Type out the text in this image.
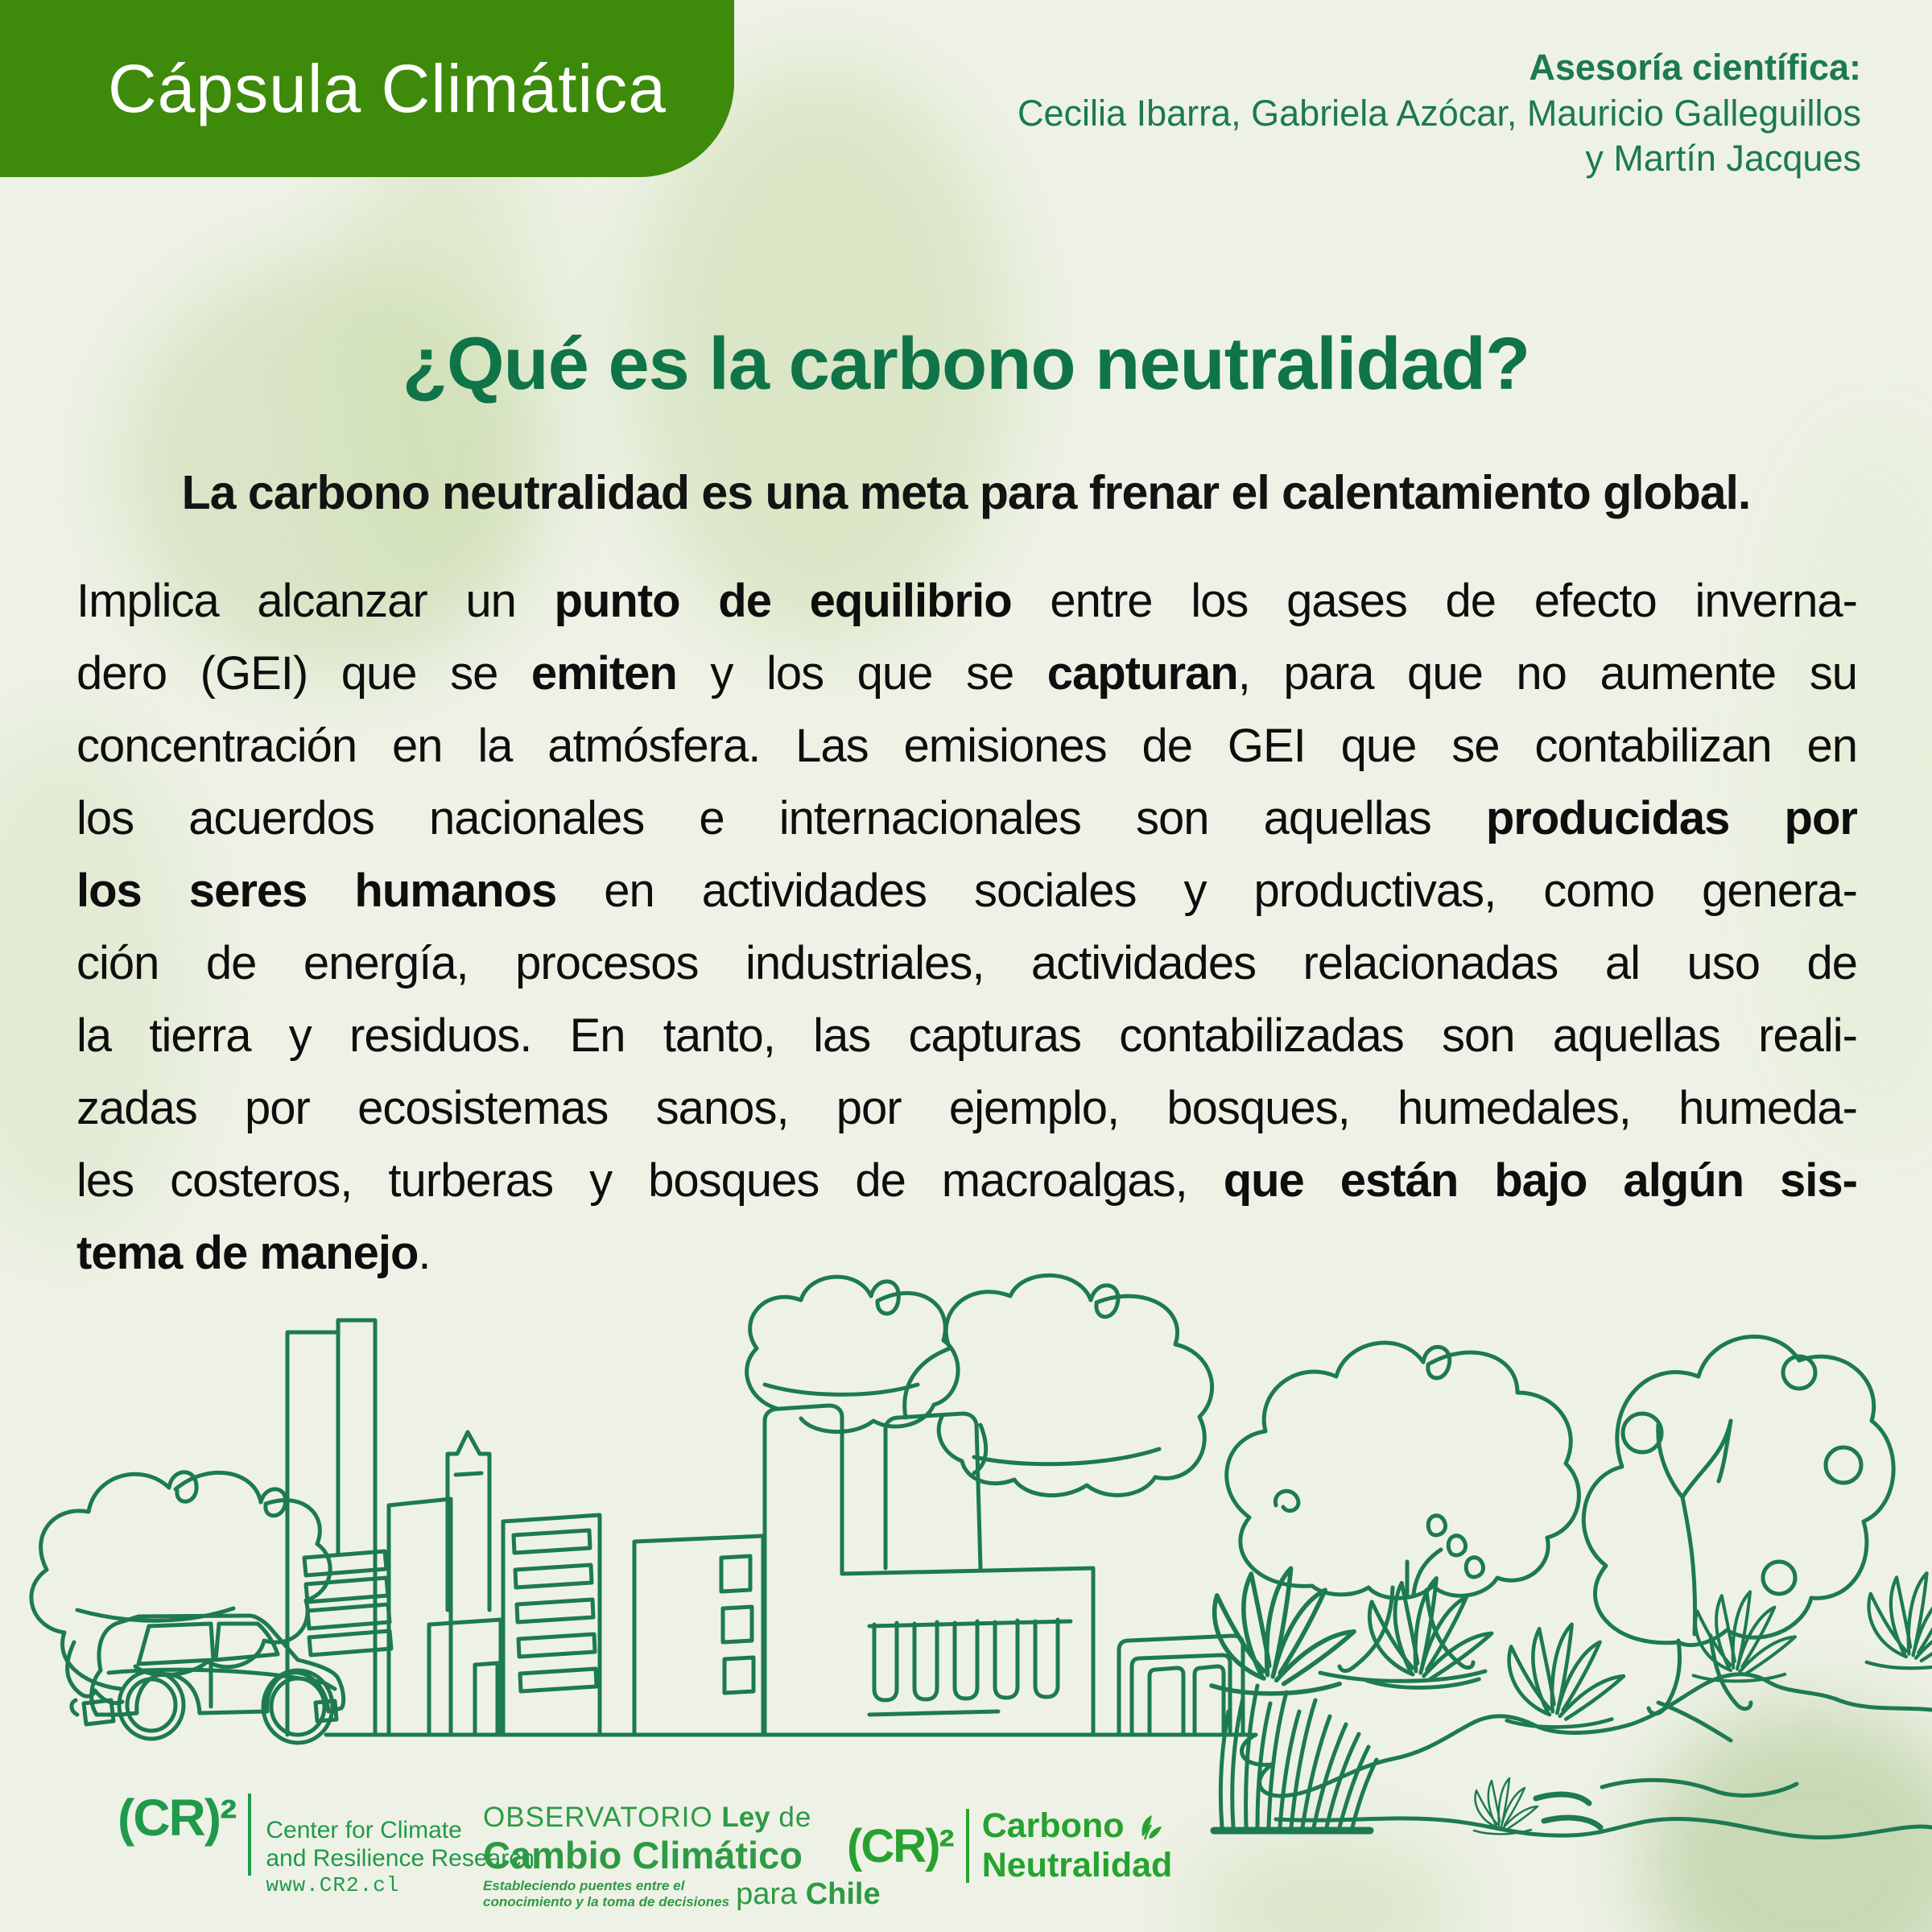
Cápsula Climática	Asesoría científica:
Cecilia Ibarra, Gabriela Azócar, Mauricio Galleguillos
y Martín Jacques
¿Qué es la carbono neutralidad?
La carbono neutralidad es una meta para frenar el calentamiento global.
Implica alcanzar un punto de equilibrio entre los gases de efecto inverna-
dero (GEI) que se emiten y los que se capturan, para que no aumente su
concentración en la atmósfera. Las emisiones de GEI que se contabilizan en
los acuerdos nacionales e internacionales son aquellas producidas por
los seres humanos en actividades sociales y productivas, como genera-
ción de energía, procesos industriales, actividades relacionadas al uso de
la tierra y residuos. En tanto, las capturas contabilizadas son aquellas reali-
zadas por ecosistemas sanos, por ejemplo, bosques, humedales, humeda-
les costeros, turberas y bosques de macroalgas, que están bajo algún sis-
tema de manejo.
(CR)² Center for Climate
and Resilience Research
www.CR2.cl
OBSERVATORIO Ley de
Cambio Climático
Estableciendo puentes entre el
conocimiento y la toma de decisiones para Chile
(CR)² Carbono
Neutralidad
